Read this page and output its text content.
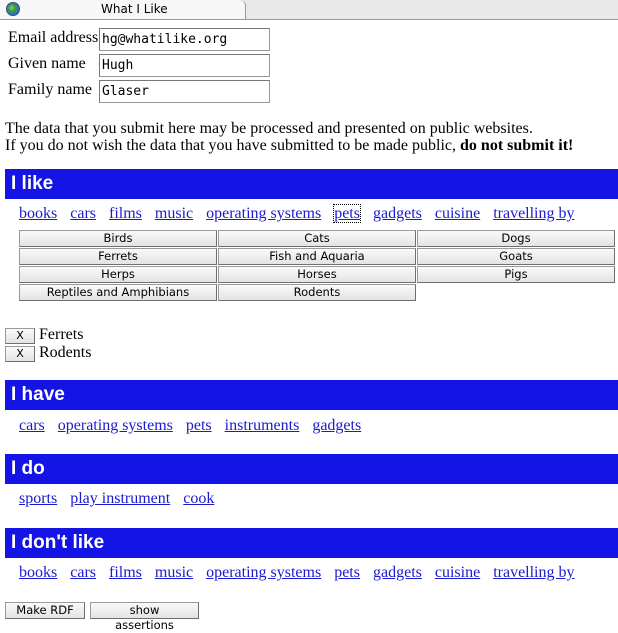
What I Like
Email address
hg@whatilike.org
Given name
Hugh
Family name
Glaser
The data that you submit here may be processed and presented on public websites.
If you do not wish the data that you have submitted to be made public, do not submit it!
I like
books cars films music operating systems pets gadgets cuisine travelling by
Birds	Cats	Dogs
Ferrets	Fish and Aquaria	Goats
Herps	Horses	Pigs
Reptiles and Amphibians	Rodents
X Ferrets
X Rodents
I have
cars operating systems pets instruments gadgets
I do
sports play instrument cook
I don't like
books cars films music operating systems pets gadgets cuisine travelling by
Make RDF	show assertions
